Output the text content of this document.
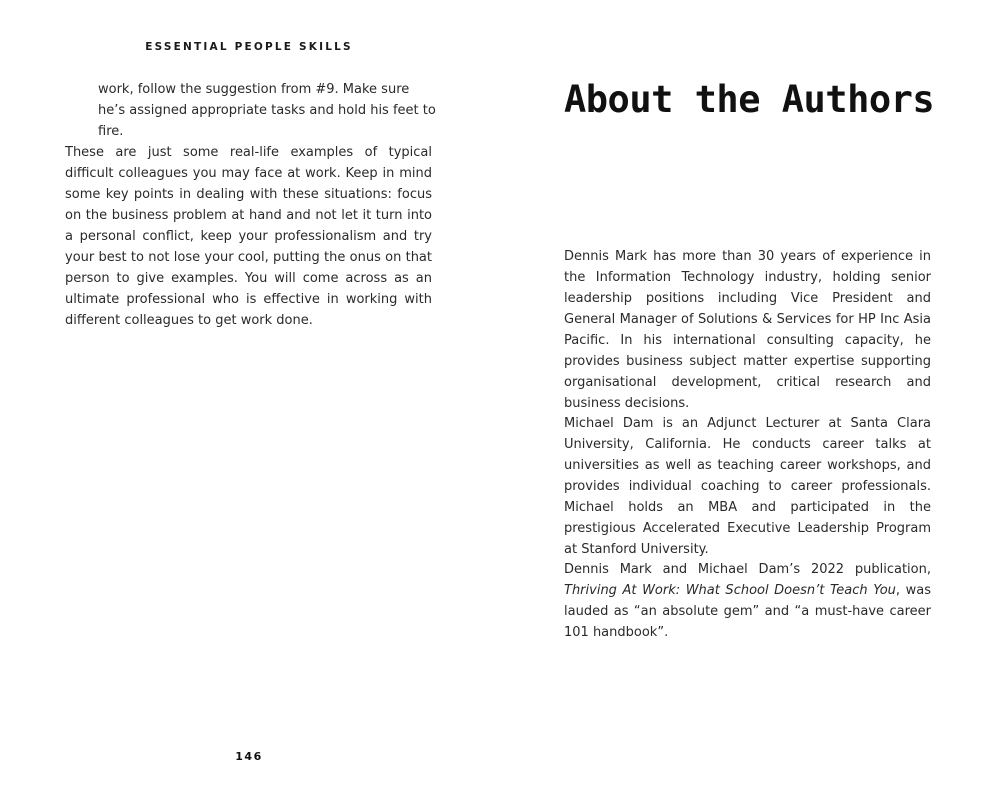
ESSENTIAL PEOPLE SKILLS

work, follow the suggestion from #9. Make sure he’s assigned appropriate tasks and hold his feet to fire.

These are just some real-life examples of typical difficult colleagues you may face at work. Keep in mind some key points in dealing with these situations: focus on the business problem at hand and not let it turn into a personal conflict, keep your professionalism and try your best to not lose your cool, putting the onus on that person to give examples. You will come across as an ultimate professional who is effective in working with different colleagues to get work done.

146

About the Authors

Dennis Mark has more than 30 years of experience in the Information Technology industry, holding senior leadership positions including Vice President and General Manager of Solutions & Services for HP Inc Asia Pacific. In his international consulting capacity, he provides business subject matter expertise supporting organisational development, critical research and business decisions.

Michael Dam is an Adjunct Lecturer at Santa Clara University, California. He conducts career talks at universities as well as teaching career workshops, and provides individual coaching to career professionals. Michael holds an MBA and participated in the prestigious Accelerated Executive Leadership Program at Stanford University.

Dennis Mark and Michael Dam’s 2022 publication, Thriving At Work: What School Doesn’t Teach You, was lauded as “an absolute gem” and “a must-have career 101 handbook”.
